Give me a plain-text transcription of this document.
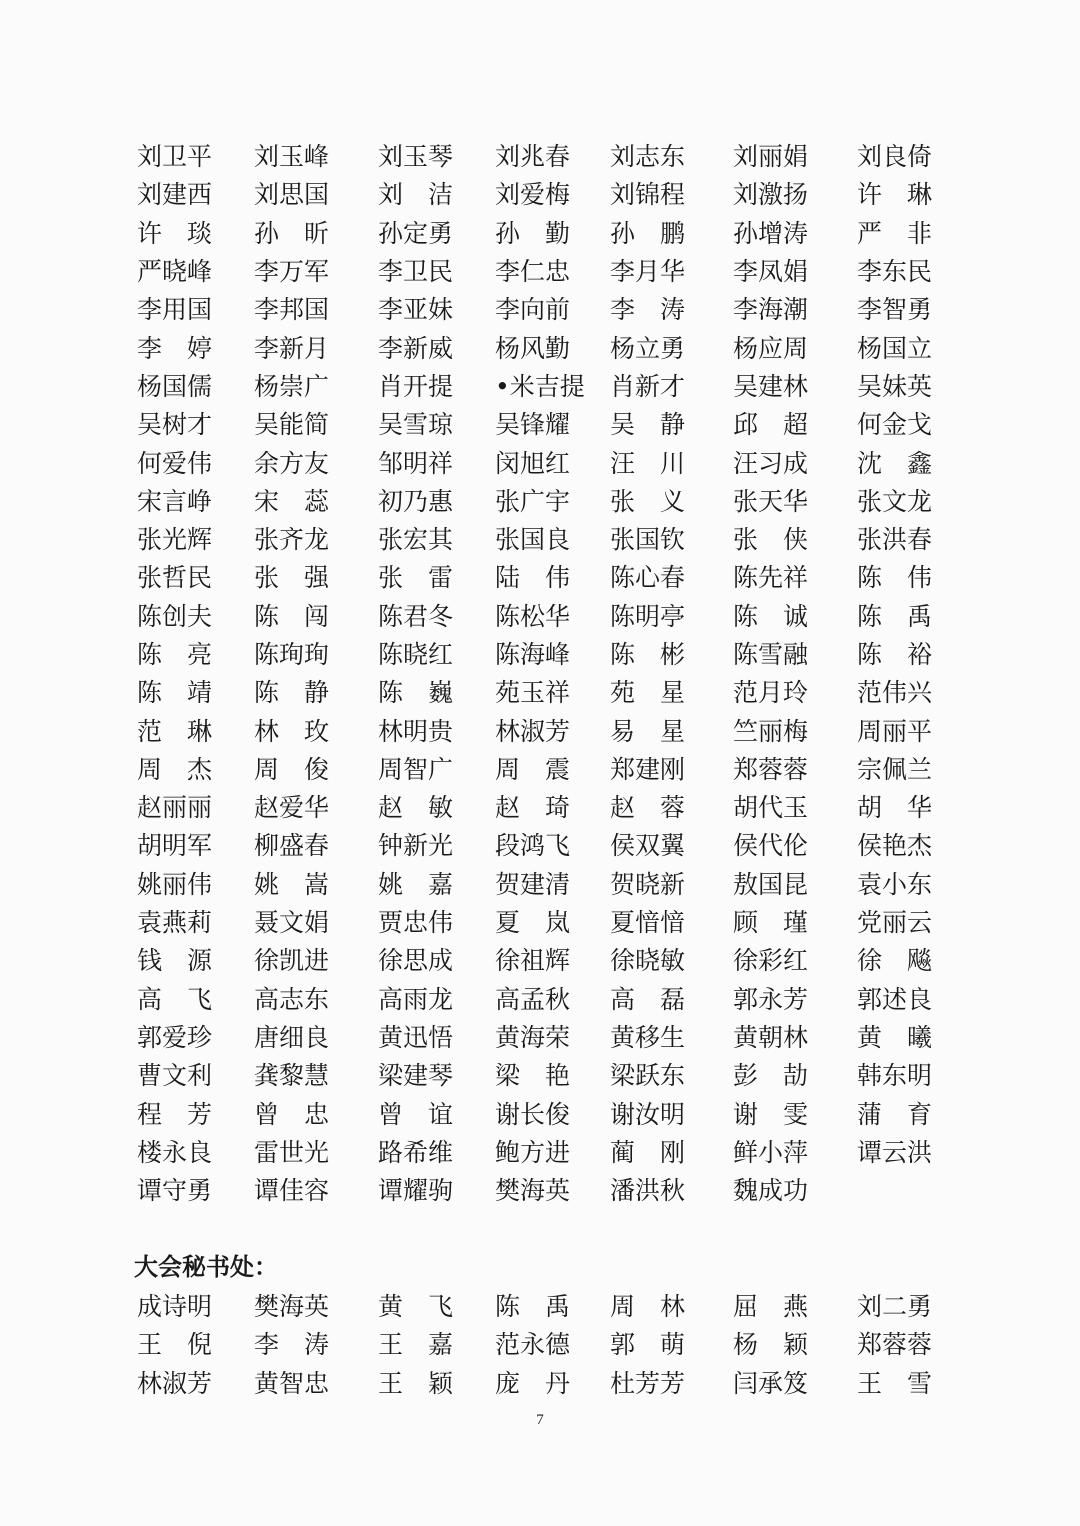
刘卫平	刘玉峰	刘玉琴	刘兆春	刘志东	刘丽娟	刘良倚
刘建西	刘思国	刘　洁	刘爱梅	刘锦程	刘激扬	许　琳
许　琰	孙　昕	孙定勇	孙　勤	孙　鹏	孙增涛	严　非
严晓峰	李万军	李卫民	李仁忠	李月华	李凤娟	李东民
李用国	李邦国	李亚妹	李向前	李　涛	李海潮	李智勇
李　婷	李新月	李新威	杨风勤	杨立勇	杨应周	杨国立
杨国儒	杨崇广	肖开提	•米吉提	肖新才	吴建林	吴妹英
吴树才	吴能简	吴雪琼	吴锋耀	吴　静	邱　超	何金戈
何爱伟	余方友	邹明祥	闵旭红	汪　川	汪习成	沈　鑫
宋言峥	宋　蕊	初乃惠	张广宇	张　义	张天华	张文龙
张光辉	张齐龙	张宏其	张国良	张国钦	张　侠	张洪春
张哲民	张　强	张　雷	陆　伟	陈心春	陈先祥	陈　伟
陈创夫	陈　闯	陈君冬	陈松华	陈明亭	陈　诚	陈　禹
陈　亮	陈珣珣	陈晓红	陈海峰	陈　彬	陈雪融	陈　裕
陈　靖	陈　静	陈　巍	苑玉祥	苑　星	范月玲	范伟兴
范　琳	林　玫	林明贵	林淑芳	易　星	竺丽梅	周丽平
周　杰	周　俊	周智广	周　震	郑建刚	郑蓉蓉	宗佩兰
赵丽丽	赵爱华	赵　敏	赵　琦	赵　蓉	胡代玉	胡　华
胡明军	柳盛春	钟新光	段鸿飞	侯双翼	侯代伦	侯艳杰
姚丽伟	姚　嵩	姚　嘉	贺建清	贺晓新	敖国昆	袁小东
袁燕莉	聂文娟	贾忠伟	夏　岚	夏愔愔	顾　瑾	党丽云
钱　源	徐凯进	徐思成	徐祖辉	徐晓敏	徐彩红	徐　飚
高　飞	高志东	高雨龙	高孟秋	高　磊	郭永芳	郭述良
郭爱珍	唐细良	黄迅悟	黄海荣	黄移生	黄朝林	黄　曦
曹文利	龚黎慧	梁建琴	梁　艳	梁跃东	彭　劼	韩东明
程　芳	曾　忠	曾　谊	谢长俊	谢汝明	谢　雯	蒲　育
楼永良	雷世光	路希维	鲍方进	蔺　刚	鲜小萍	谭云洪
谭守勇	谭佳容	谭耀驹	樊海英	潘洪秋	魏成功
大会秘书处：
成诗明	樊海英	黄　飞	陈　禹	周　林	屈　燕	刘二勇
王　倪	李　涛	王　嘉	范永德	郭　萌	杨　颖	郑蓉蓉
林淑芳	黄智忠	王　颖	庞　丹	杜芳芳	闫承笈	王　雪
7
